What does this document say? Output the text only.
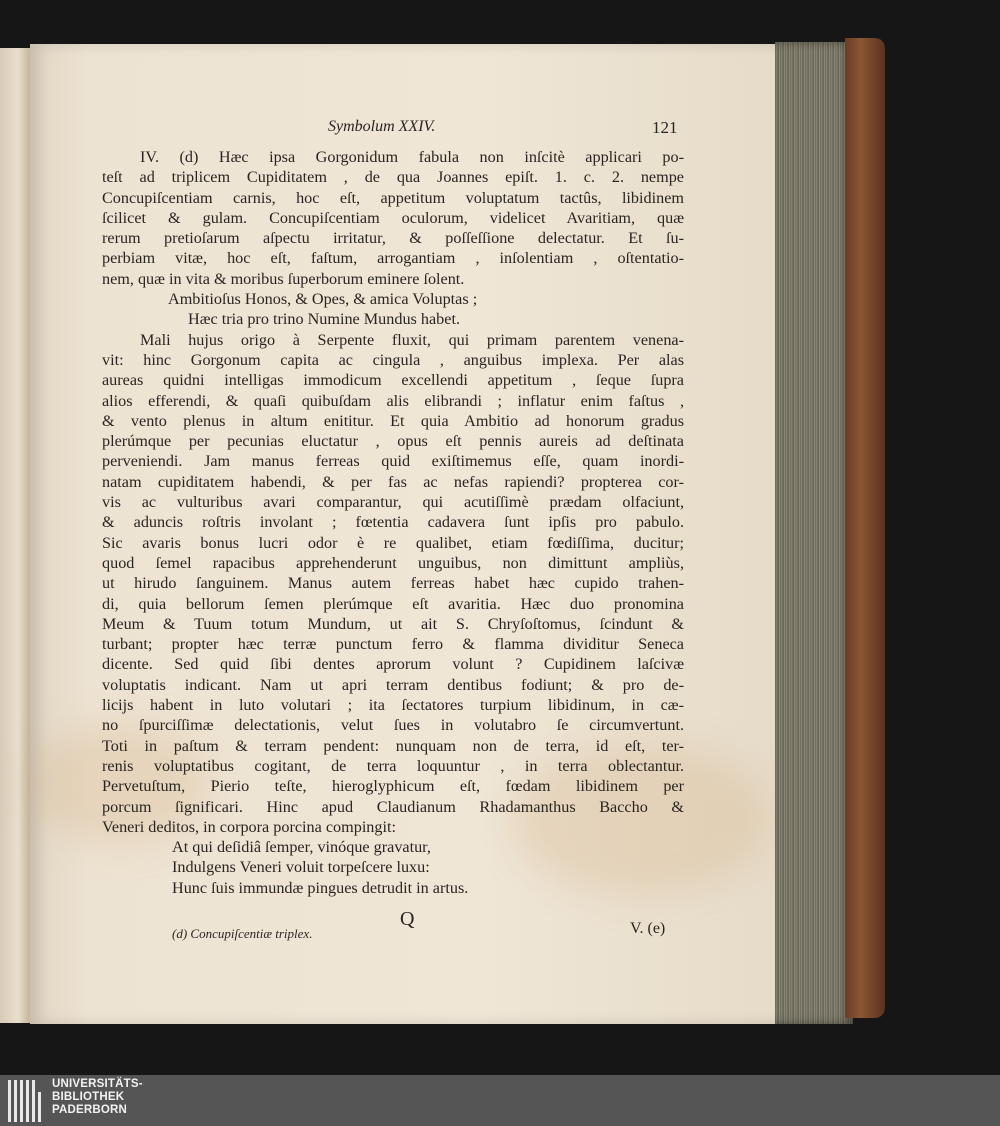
Symbolum XXIV.	121
IV. (d) Hæc ipsa Gorgonidum fabula non inſcitè applicari po-
teſt ad triplicem Cupiditatem , de qua Joannes epiſt. 1. c. 2. nempe
Concupiſcentiam carnis, hoc eſt, appetitum voluptatum tactûs, libidinem
ſcilicet & gulam. Concupiſcentiam oculorum, videlicet Avaritiam, quæ
rerum pretioſarum aſpectu irritatur, & poſſeſſione delectatur. Et ſu-
perbiam vitæ, hoc eſt, faſtum, arrogantiam , inſolentiam , oſtentatio-
nem, quæ in vita & moribus ſuperborum eminere ſolent.
Ambitioſus Honos, & Opes, & amica Voluptas ;
Hæc tria pro trino Numine Mundus habet.
Mali hujus origo à Serpente fluxit, qui primam parentem venena-
vit: hinc Gorgonum capita ac cingula , anguibus implexa. Per alas
aureas quidni intelligas immodicum excellendi appetitum , ſeque ſupra
alios efferendi, & quaſi quibuſdam alis elibrandi ; inflatur enim faſtus ,
& vento plenus in altum enititur. Et quia Ambitio ad honorum gradus
plerúmque per pecunias eluctatur , opus eſt pennis aureis ad deſtinata
perveniendi. Jam manus ferreas quid exiſtimemus eſſe, quam inordi-
natam cupiditatem habendi, & per fas ac nefas rapiendi? propterea cor-
vis ac vulturibus avari comparantur, qui acutiſſimè prædam olfaciunt,
& aduncis roſtris involant ; fœtentia cadavera ſunt ipſis pro pabulo.
Sic avaris bonus lucri odor è re qualibet, etiam fœdiſſima, ducitur;
quod ſemel rapacibus apprehenderunt unguibus, non dimittunt ampliùs,
ut hirudo ſanguinem. Manus autem ferreas habet hæc cupido trahen-
di, quia bellorum ſemen plerúmque eſt avaritia. Hæc duo pronomina
Meum & Tuum totum Mundum, ut ait S. Chryſoſtomus, ſcindunt &
turbant; propter hæc terræ punctum ferro & flamma dividitur Seneca
dicente. Sed quid ſibi dentes aprorum volunt ? Cupidinem laſcivæ
voluptatis indicant. Nam ut apri terram dentibus fodiunt; & pro de-
licijs habent in luto volutari ; ita ſectatores turpium libidinum, in cæ-
no ſpurciſſimæ delectationis, velut ſues in volutabro ſe circumvertunt.
Toti in paſtum & terram pendent: nunquam non de terra, id eſt, ter-
renis voluptatibus cogitant, de terra loquuntur , in terra oblectantur.
Pervetuſtum, Pierio teſte, hieroglyphicum eſt, fœdam libidinem per
porcum ſignificari. Hinc apud Claudianum Rhadamanthus Baccho &
Veneri deditos, in corpora porcina compingit:
At qui deſidiâ ſemper, vinóque gravatur,
Indulgens Veneri voluit torpeſcere luxu:
Hunc ſuis immundæ pingues detrudit in artus.
Q	V. (e)
(d) Concupiſcentiæ triplex.
UNIVERSITÄTS-
BIBLIOTHEK
PADERBORN
